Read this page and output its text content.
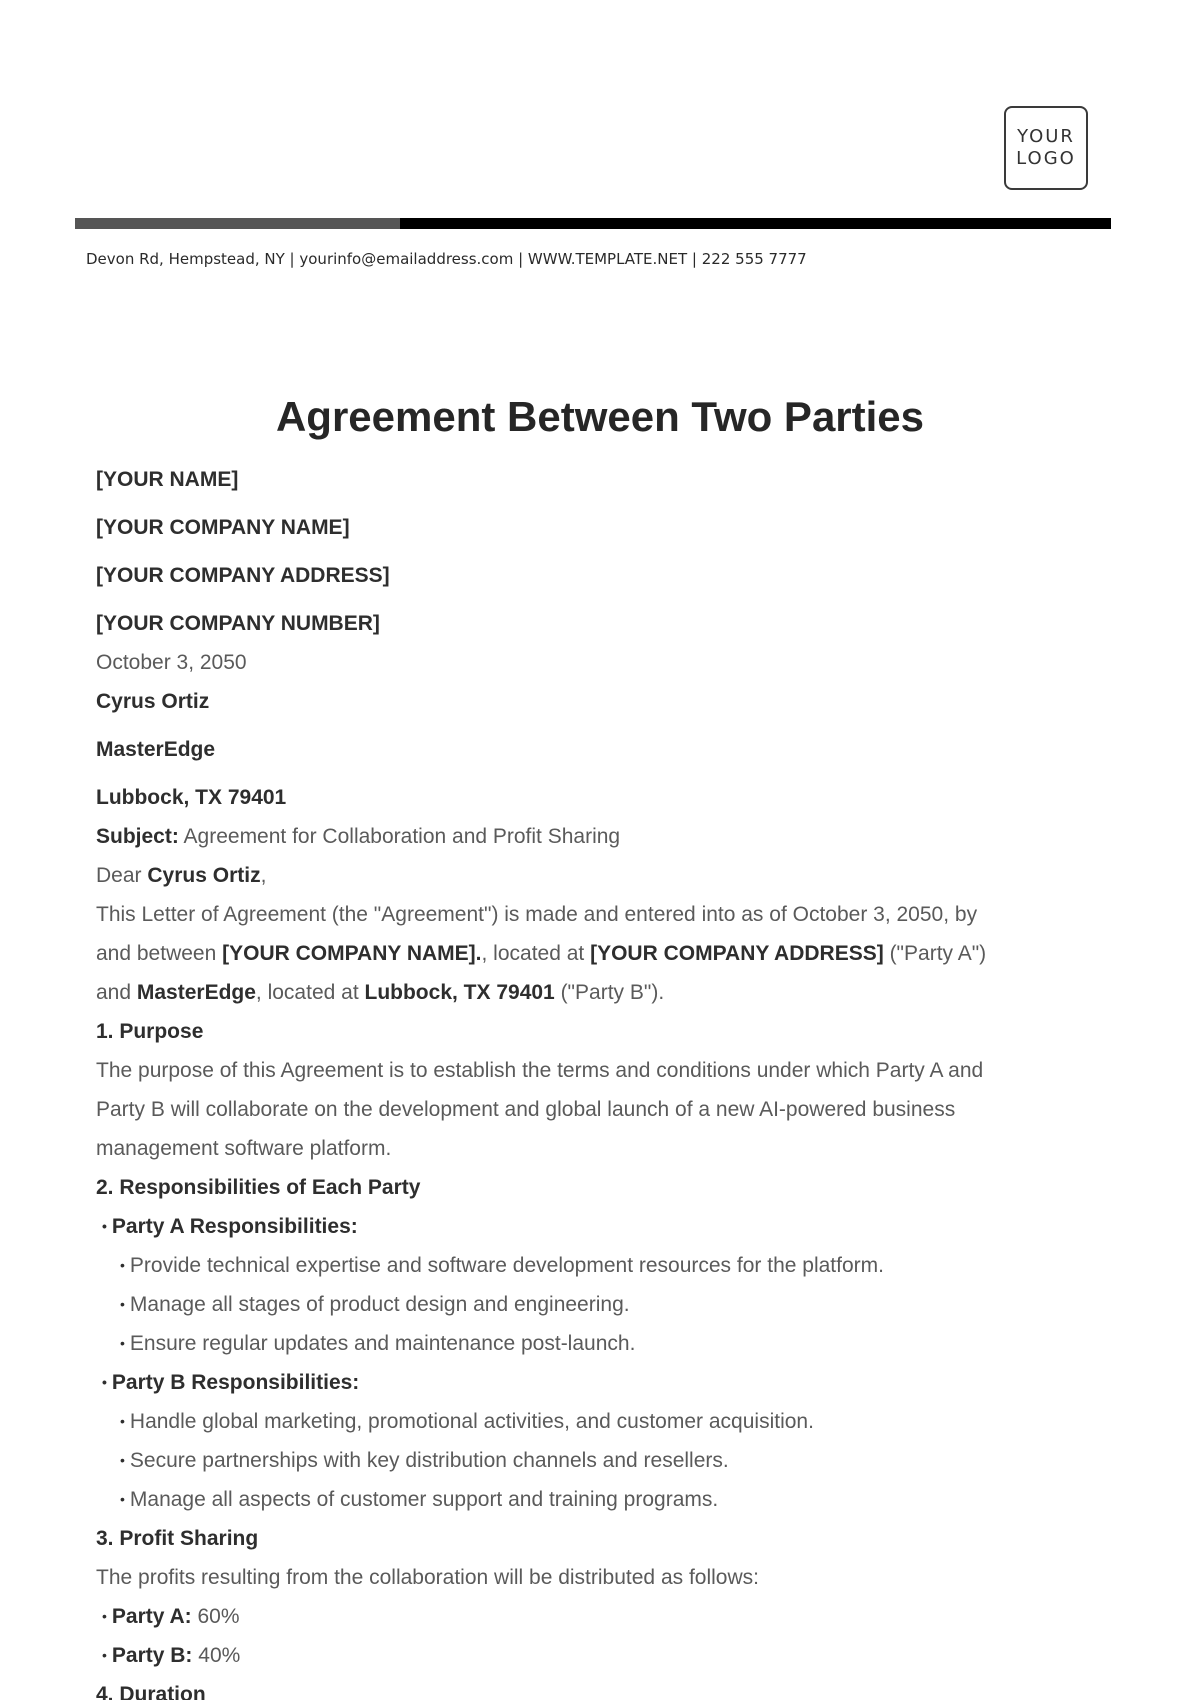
YOUR
LOGO
Devon Rd, Hempstead, NY | yourinfo@emailaddress.com | WWW.TEMPLATE.NET | 222 555 7777
Agreement Between Two Parties
[YOUR NAME]
[YOUR COMPANY NAME]
[YOUR COMPANY ADDRESS]
[YOUR COMPANY NUMBER]
October 3, 2050
Cyrus Ortiz
MasterEdge
Lubbock, TX 79401
Subject: Agreement for Collaboration and Profit Sharing
Dear Cyrus Ortiz,
This Letter of Agreement (the "Agreement") is made and entered into as of October 3, 2050, by
and between [YOUR COMPANY NAME]., located at [YOUR COMPANY ADDRESS] ("Party A")
and MasterEdge, located at Lubbock, TX 79401 ("Party B").
1. Purpose
The purpose of this Agreement is to establish the terms and conditions under which Party A and
Party B will collaborate on the development and global launch of a new AI-powered business
management software platform.
2. Responsibilities of Each Party
• Party A Responsibilities:
• Provide technical expertise and software development resources for the platform.
• Manage all stages of product design and engineering.
• Ensure regular updates and maintenance post-launch.
• Party B Responsibilities:
• Handle global marketing, promotional activities, and customer acquisition.
• Secure partnerships with key distribution channels and resellers.
• Manage all aspects of customer support and training programs.
3. Profit Sharing
The profits resulting from the collaboration will be distributed as follows:
• Party A: 60%
• Party B: 40%
4. Duration
